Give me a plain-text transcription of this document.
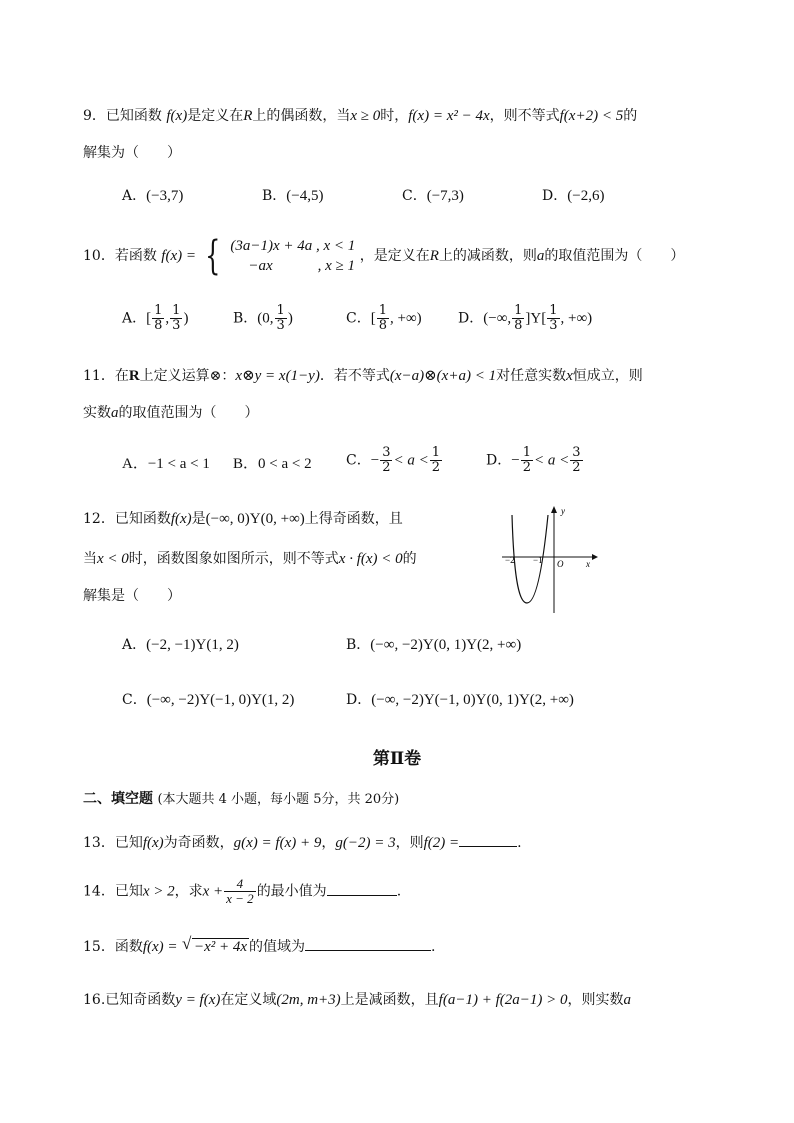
9．已知函数 f(x)是定义在R上的偶函数，当x ≥ 0时，f(x) = x² − 4x，则不等式f(x+2) < 5的
解集为（　　）
A．(−3,7)	B．(−4,5)	C．(−7,3)	D．(−2,6)
10．若函数 f(x) = { (3a−1)x + 4a , x < 1
−ax　　　, x ≥ 1
，是定义在R上的减函数，则a的取值范围为（　　）
A．[ $\frac{1}{8}$ , $\frac{1}{3}$ )	B．(0, $\frac{1}{3}$ )	C．[ $\frac{1}{8}$ , +∞)	D．(−∞, $\frac{1}{8} ]Y[ \frac{1}{3}$ , +∞)
11．在R上定义运算⊗：x⊗y = x(1−y)．若不等式(x−a)⊗(x+a) < 1对任意实数x恒成立，则
实数a的取值范围为（　　）
A．−1 < a < 1 B．0 < a < 2 C．− $\frac{3}{2} < a < \frac{1}{2}$	D．− $\frac{1}{2} < a < \frac{3}{2}$
12．已知函数f(x)是(−∞, 0)Y(0, +∞)上得奇函数，且
当x < 0时，函数图象如图所示，则不等式x · f(x) < 0的
解集是（　　）
y
x
O
−2 −1
A．(−2, −1)Y(1, 2)	B．(−∞, −2)Y(0, 1)Y(2, +∞)
C．(−∞, −2)Y(−1, 0)Y(1, 2)	D．(−∞, −2)Y(−1, 0)Y(0, 1)Y(2, +∞)
第Ⅱ卷
二、填空题 (本大题共 4 小题，每小题 5分，共 20分)
13．已知f(x)为奇函数，g(x) = f(x) + 9，g(−2) = 3，则f(2) =	.
14．已知x > 2，求$x + \frac{4}{x - 2}$ 的最小值为	.
15．函数f(x) = √ −x² + 4x 的值域为	.
16.已知奇函数y = f(x)在定义域(2m, m+3)上是减函数，且f(a−1) + f(2a−1) > 0，则实数a
